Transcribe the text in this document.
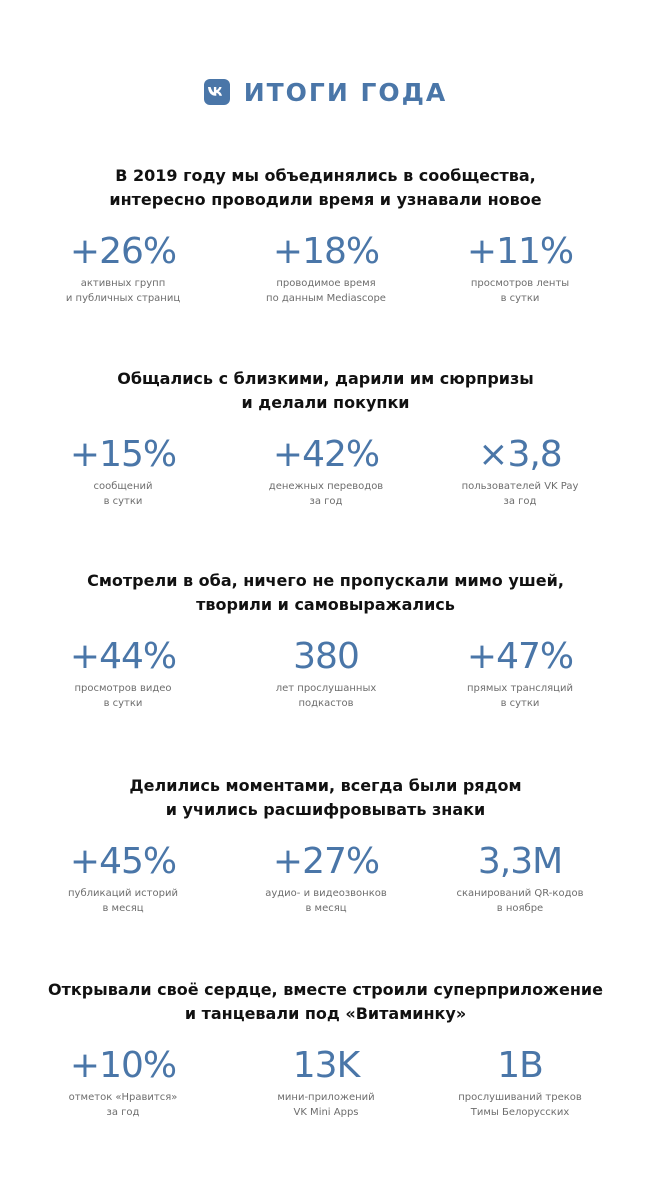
ИТОГИ ГОДА
В 2019 году мы объединялись в сообщества,
интересно проводили время и узнавали новое
+26%
активных групп
и публичных страниц
+18%
проводимое время
по данным Mediascope
+11%
просмотров ленты
в сутки
Общались с близкими, дарили им сюрпризы
и делали покупки
+15%
сообщений
в сутки
+42%
денежных переводов
за год
×3,8
пользователей VK Pay
за год
Смотрели в оба, ничего не пропускали мимо ушей,
творили и самовыражались
+44%
просмотров видео
в сутки
380
лет прослушанных
подкастов
+47%
прямых трансляций
в сутки
Делились моментами, всегда были рядом
и учились расшифровывать знаки
+45%
публикаций историй
в месяц
+27%
аудио- и видеозвонков
в месяц
3,3M
сканирований QR-кодов
в ноябре
Открывали своё сердце, вместе строили суперприложение
и танцевали под «Витаминку»
+10%
отметок «Нравится»
за год
13K
мини-приложений
VK Mini Apps
1B
прослушиваний треков
Тимы Белорусских
